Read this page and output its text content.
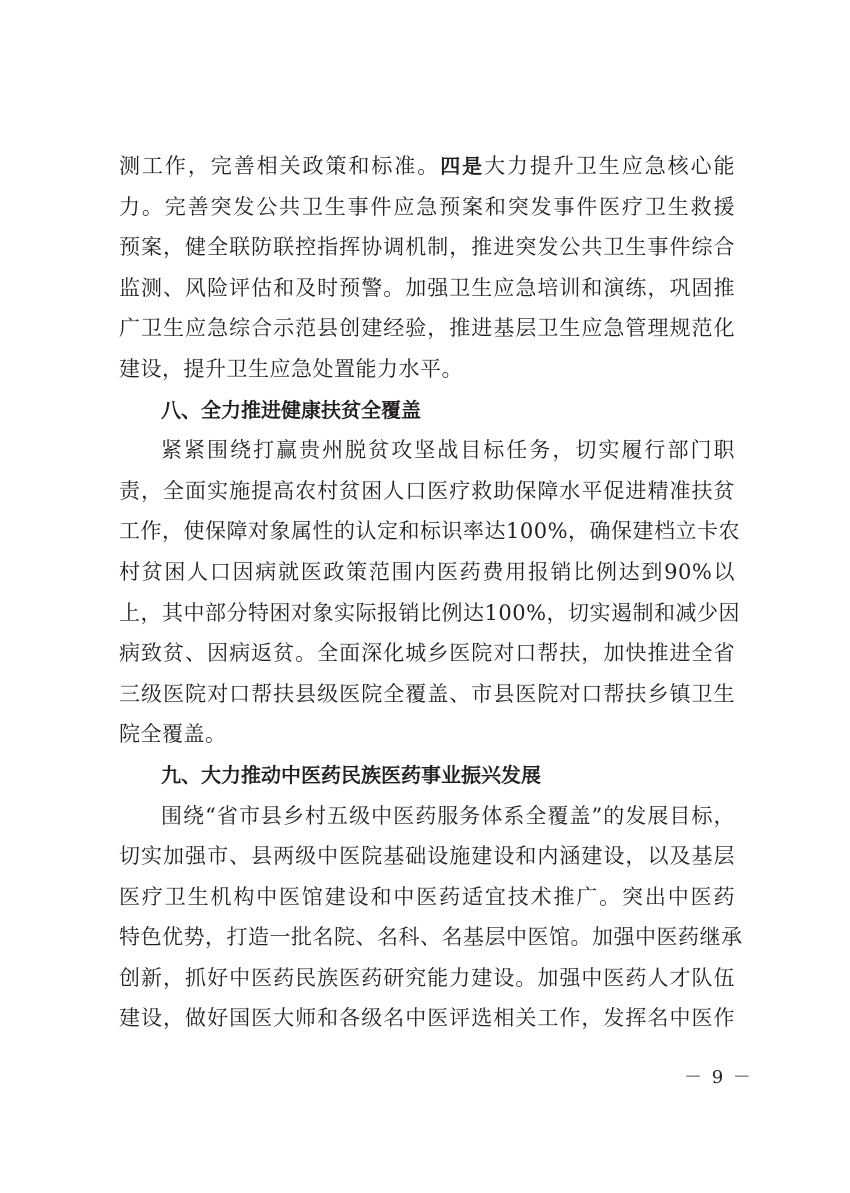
测工作，完善相关政策和标准。四是大力提升卫生应急核心能
力。完善突发公共卫生事件应急预案和突发事件医疗卫生救援
预案，健全联防联控指挥协调机制，推进突发公共卫生事件综合
监测、风险评估和及时预警。加强卫生应急培训和演练，巩固推
广卫生应急综合示范县创建经验，推进基层卫生应急管理规范化
建设，提升卫生应急处置能力水平。
八、全力推进健康扶贫全覆盖
紧紧围绕打赢贵州脱贫攻坚战目标任务，切实履行部门职
责，全面实施提高农村贫困人口医疗救助保障水平促进精准扶贫
工作，使保障对象属性的认定和标识率达100%，确保建档立卡农
村贫困人口因病就医政策范围内医药费用报销比例达到90%以
上，其中部分特困对象实际报销比例达100%，切实遏制和减少因
病致贫、因病返贫。全面深化城乡医院对口帮扶，加快推进全省
三级医院对口帮扶县级医院全覆盖、市县医院对口帮扶乡镇卫生
院全覆盖。
九、大力推动中医药民族医药事业振兴发展
围绕“省市县乡村五级中医药服务体系全覆盖”的发展目标，
切实加强市、县两级中医院基础设施建设和内涵建设，以及基层
医疗卫生机构中医馆建设和中医药适宜技术推广。突出中医药
特色优势，打造一批名院、名科、名基层中医馆。加强中医药继承
创新，抓好中医药民族医药研究能力建设。加强中医药人才队伍
建设，做好国医大师和各级名中医评选相关工作，发挥名中医作
－ 9 －
